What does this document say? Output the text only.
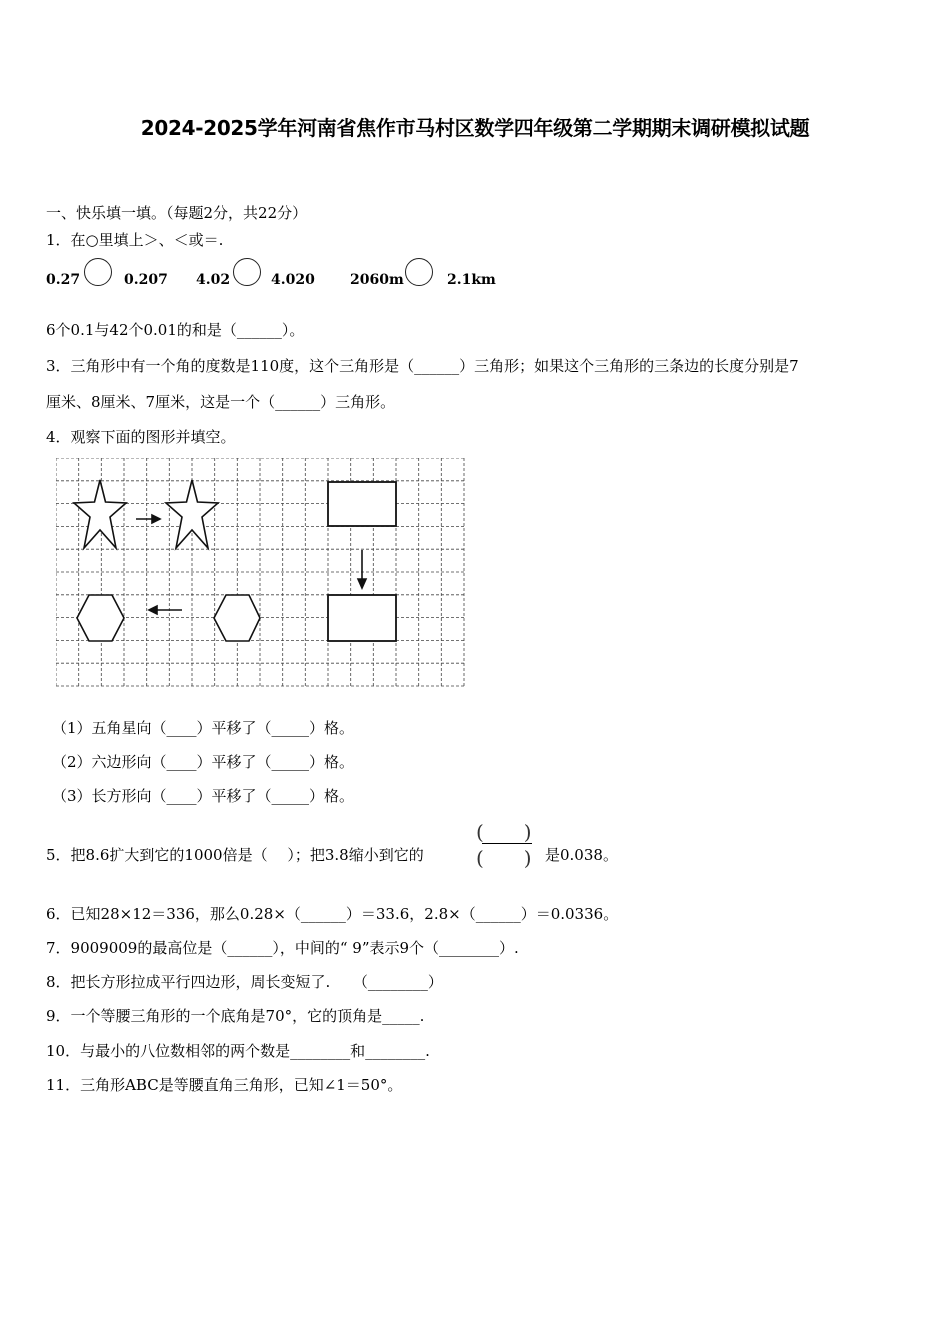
2024-2025学年河南省焦作市马村区数学四年级第二学期期末调研模拟试题
一、快乐填一填。（每题2分，共22分）
1．在○里填上＞、＜或＝.
0.27	0.207 4.02	4.020	2060m	2.1km
6个0.1与42个0.01的和是（______）。
3．三角形中有一个角的度数是110度，这个三角形是（______）三角形；如果这个三角形的三条边的长度分别是7
厘米、8厘米、7厘米，这是一个（______）三角形。
4．观察下面的图形并填空。
（1）五角星向（____）平移了（_____）格。
（2）六边形向（____）平移了（_____）格。
（3）长方形向（____）平移了（_____）格。
5．把8.6扩大到它的1000倍是（　 ）；把3.8缩小到它的
(　　)
(　　) 是0.038。
6．已知28×12＝336，那么0.28×（______）＝33.6，2.8×（______）＝0.0336。
7．9009009的最高位是（______），中间的“ 9”表示9个（________）.
8．把长方形拉成平行四边形，周长变短了.　　（________）
9．一个等腰三角形的一个底角是70°，它的顶角是_____.
10．与最小的八位数相邻的两个数是________和________.
11．三角形ABC是等腰直角三角形，已知∠1＝50°。
